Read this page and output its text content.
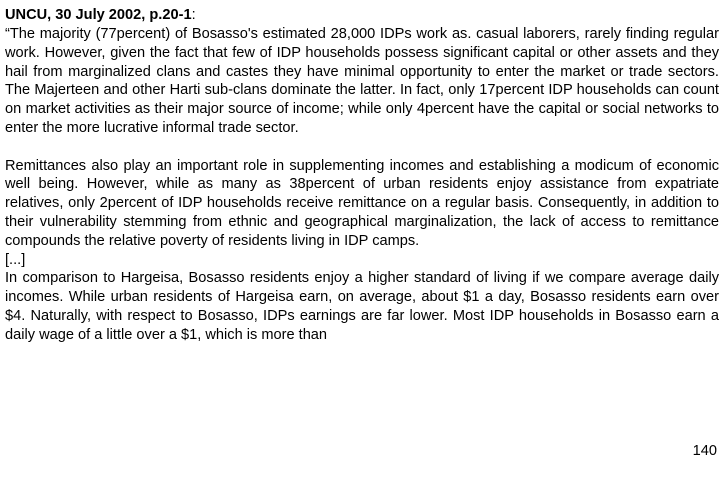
UNCU, 30 July 2002, p.20-1:

“The majority (77percent) of Bosasso's estimated 28,000 IDPs work as. casual laborers, rarely finding regular work. However, given the fact that few of IDP households possess significant capital or other assets and they hail from marginalized clans and castes they have minimal opportunity to enter the market or trade sectors. The Majerteen and other Harti sub-clans dominate the latter. In fact, only 17percent IDP households can count on market activities as their major source of income; while only 4percent have the capital or social networks to enter the more lucrative informal trade sector.

Remittances also play an important role in supplementing incomes and establishing a modicum of economic well being. However, while as many as 38percent of urban residents enjoy assistance from expatriate relatives, only 2percent of IDP households receive remittance on a regular basis. Consequently, in addition to their vulnerability stemming from ethnic and geographical marginalization, the lack of access to remittance compounds the relative poverty of residents living in IDP camps.

[...]

In comparison to Hargeisa, Bosasso residents enjoy a higher standard of living if we compare average daily incomes. While urban residents of Hargeisa earn, on average, about $1 a day, Bosasso residents earn over $4. Naturally, with respect to Bosasso, IDPs earnings are far lower. Most IDP households in Bosasso earn a daily wage of a little over a $1, which is more than

140
